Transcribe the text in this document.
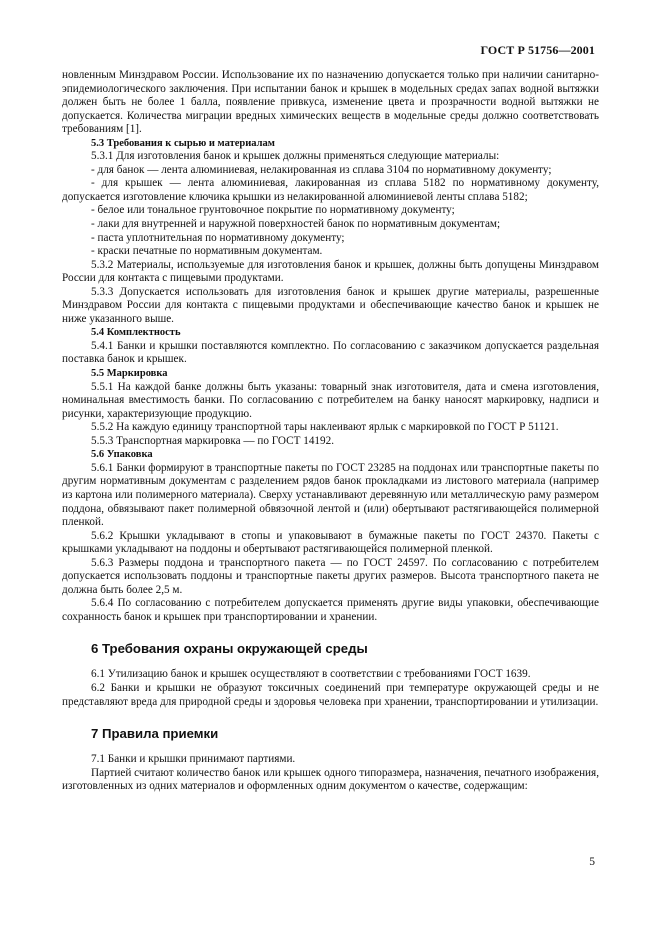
ГОСТ Р 51756—2001

новленным Минздравом России. Использование их по назначению допускается только при наличии санитарно-эпидемиологического заключения. При испытании банок и крышек в модельных средах запах водной вытяжки должен быть не более 1 балла, появление привкуса, изменение цвета и прозрачности водной вытяжки не допускается. Количества миграции вредных химических веществ в модельные среды должно соответствовать требованиям [1].

5.3 Требования к сырью и материалам

5.3.1 Для изготовления банок и крышек должны применяться следующие материалы:

- для банок — лента алюминиевая, нелакированная из сплава 3104 по нормативному документу;

- для крышек — лента алюминиевая, лакированная из сплава 5182 по нормативному документу, допускается изготовление ключика крышки из нелакированной алюминиевой ленты сплава 5182;

- белое или тональное грунтовочное покрытие по нормативному документу;

- лаки для внутренней и наружной поверхностей банок по нормативным документам;

- паста уплотнительная по нормативному документу;

- краски печатные по нормативным документам.

5.3.2 Материалы, используемые для изготовления банок и крышек, должны быть допущены Минздравом России для контакта с пищевыми продуктами.

5.3.3 Допускается использовать для изготовления банок и крышек другие материалы, разрешенные Минздравом России для контакта с пищевыми продуктами и обеспечивающие качество банок и крышек не ниже указанного выше.

5.4 Комплектность

5.4.1 Банки и крышки поставляются комплектно. По согласованию с заказчиком допускается раздельная поставка банок и крышек.

5.5 Маркировка

5.5.1 На каждой банке должны быть указаны: товарный знак изготовителя, дата и смена изготовления, номинальная вместимость банки. По согласованию с потребителем на банку наносят маркировку, надписи и рисунки, характеризующие продукцию.

5.5.2 На каждую единицу транспортной тары наклеивают ярлык с маркировкой по ГОСТ Р 51121.

5.5.3 Транспортная маркировка — по ГОСТ 14192.

5.6 Упаковка

5.6.1 Банки формируют в транспортные пакеты по ГОСТ 23285 на поддонах или транспортные пакеты по другим нормативным документам с разделением рядов банок прокладками из листового материала (например из картона или полимерного материала). Сверху устанавливают деревянную или металлическую раму размером поддона, обвязывают пакет полимерной обвязочной лентой и (или) обертывают растягивающейся полимерной пленкой.

5.6.2 Крышки укладывают в стопы и упаковывают в бумажные пакеты по ГОСТ 24370. Пакеты с крышками укладывают на поддоны и обертывают растягивающейся полимерной пленкой.

5.6.3 Размеры поддона и транспортного пакета — по ГОСТ 24597. По согласованию с потребителем допускается использовать поддоны и транспортные пакеты других размеров. Высота транспортного пакета не должна быть более 2,5 м.

5.6.4 По согласованию с потребителем допускается применять другие виды упаковки, обеспечивающие сохранность банок и крышек при транспортировании и хранении.

6 Требования охраны окружающей среды

6.1 Утилизацию банок и крышек осуществляют в соответствии с требованиями ГОСТ 1639.

6.2 Банки и крышки не образуют токсичных соединений при температуре окружающей среды и не представляют вреда для природной среды и здоровья человека при хранении, транспортировании и утилизации.

7 Правила приемки

7.1 Банки и крышки принимают партиями.

Партией считают количество банок или крышек одного типоразмера, назначения, печатного изображения, изготовленных из одних материалов и оформленных одним документом о качестве, содержащим:

5
